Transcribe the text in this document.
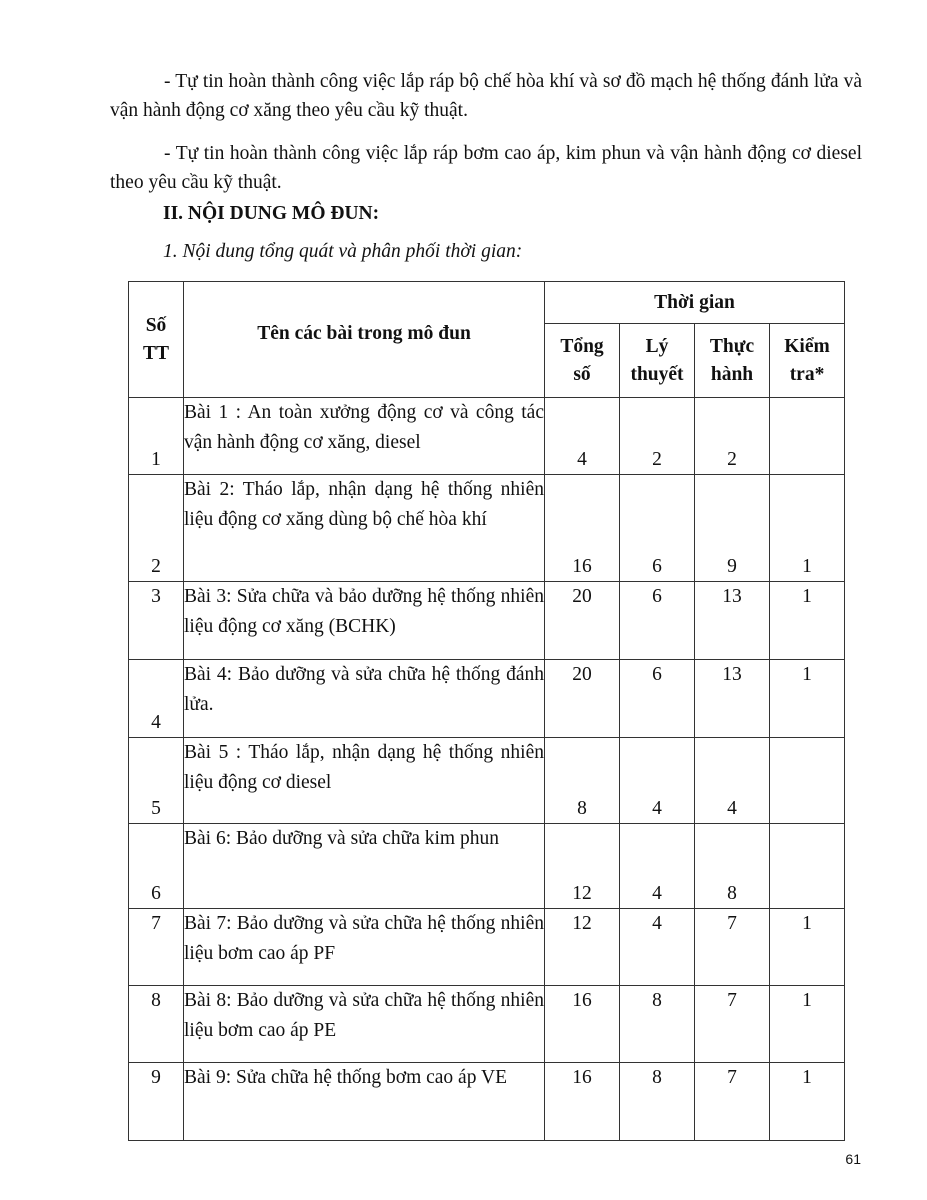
- Tự tin hoàn thành công việc lắp ráp bộ chế hòa khí và sơ đồ mạch hệ thống đánh lửa và vận hành động cơ xăng theo yêu cầu kỹ thuật.
- Tự tin hoàn thành công việc lắp ráp bơm cao áp, kim phun và vận hành động cơ diesel theo yêu cầu kỹ thuật.
II. NỘI DUNG MÔ ĐUN:
1. Nội dung tổng quát và phân phối thời gian:
Số TT	Tên các bài trong mô đun	Thời gian			
		Tổng số	Lý thuyết	Thực hành	Kiểm tra*
1	Bài 1 : An toàn xưởng động cơ và công tác vận hành động cơ xăng, diesel	4	2	2	
2	Bài 2: Tháo lắp, nhận dạng hệ thống nhiên liệu động cơ xăng dùng bộ chế hòa khí	16	6	9	1
3	Bài 3: Sửa chữa và bảo dưỡng hệ thống nhiên liệu động cơ xăng (BCHK)	20	6	13	1
4	Bài 4: Bảo dưỡng và sửa chữa hệ thống đánh lửa.	20	6	13	1
5	Bài 5 : Tháo lắp, nhận dạng hệ thống nhiên liệu động cơ diesel	8	4	4	
6	Bài 6: Bảo dưỡng và sửa chữa kim phun	12	4	8	
7	Bài 7: Bảo dưỡng và sửa chữa hệ thống nhiên liệu bơm cao áp PF	12	4	7	1
8	Bài 8: Bảo dưỡng và sửa chữa hệ thống nhiên liệu bơm cao áp PE	16	8	7	1
9	Bài 9: Sửa chữa hệ thống bơm cao áp VE	16	8	7	1
61
